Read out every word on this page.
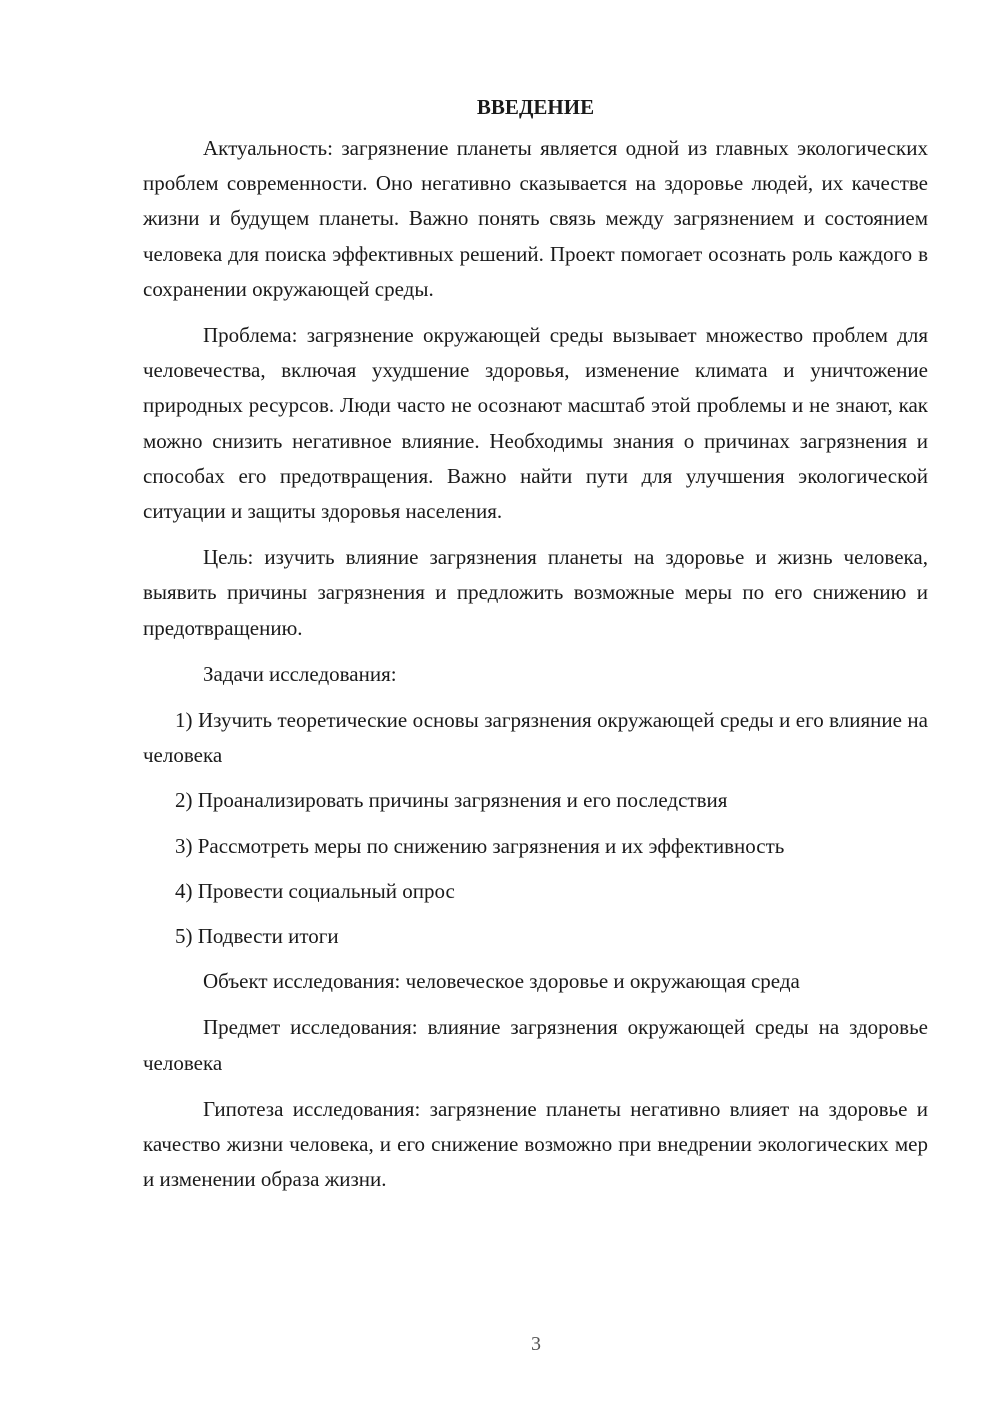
ВВЕДЕНИЕ

Актуальность: загрязнение планеты является одной из главных экологических проблем современности. Оно негативно сказывается на здоровье людей, их качестве жизни и будущем планеты. Важно понять связь между загрязнением и состоянием человека для поиска эффективных решений. Проект помогает осознать роль каждого в сохранении окружающей среды.

Проблема: загрязнение окружающей среды вызывает множество проблем для человечества, включая ухудшение здоровья, изменение климата и уничтожение природных ресурсов. Люди часто не осознают масштаб этой проблемы и не знают, как можно снизить негативное влияние. Необходимы знания о причинах загрязнения и способах его предотвращения. Важно найти пути для улучшения экологической ситуации и защиты здоровья населения.

Цель: изучить влияние загрязнения планеты на здоровье и жизнь человека, выявить причины загрязнения и предложить возможные меры по его снижению и предотвращению.

Задачи исследования:

1) Изучить теоретические основы загрязнения окружающей среды и его влияние на человека

2) Проанализировать причины загрязнения и его последствия

3) Рассмотреть меры по снижению загрязнения и их эффективность

4) Провести социальный опрос

5) Подвести итоги

Объект исследования: человеческое здоровье и окружающая среда

Предмет исследования: влияние загрязнения окружающей среды на здоровье человека

Гипотеза исследования: загрязнение планеты негативно влияет на здоровье и качество жизни человека, и его снижение возможно при внедрении экологических мер и изменении образа жизни.

3
